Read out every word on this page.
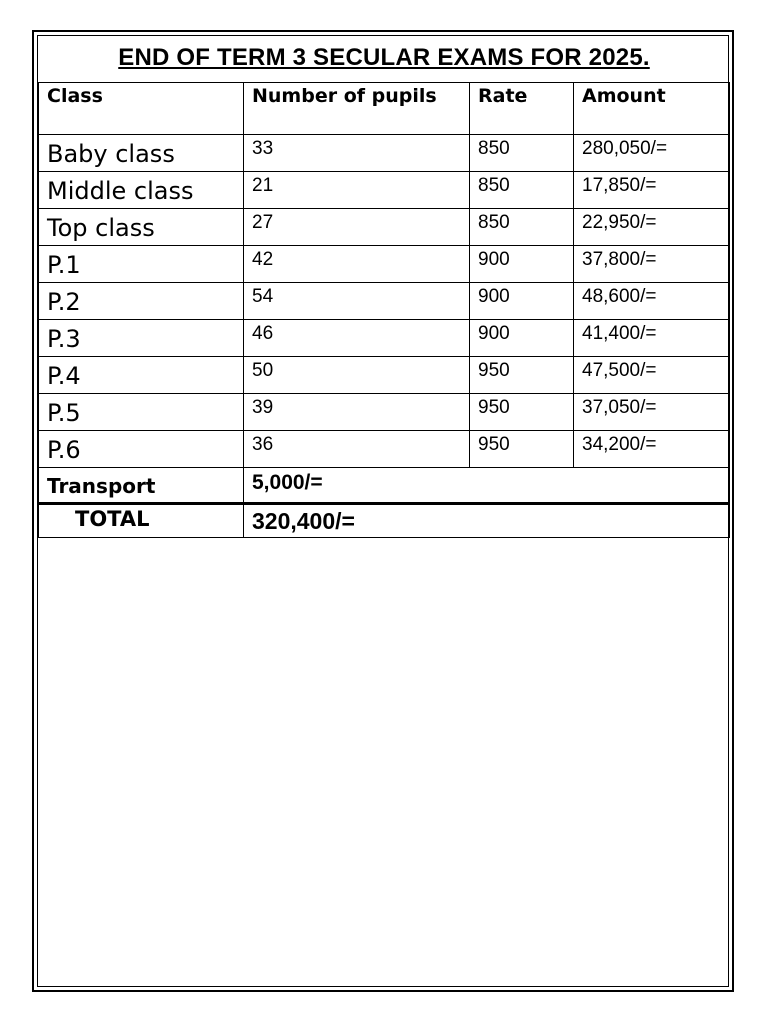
END OF TERM 3 SECULAR EXAMS FOR 2025.
Class	Number of pupils	Rate	Amount
Baby class	33	850	280,050/=
Middle class	21	850	17,850/=
Top class	27	850	22,950/=
P.1	42	900	37,800/=
P.2	54	900	48,600/=
P.3	46	900	41,400/=
P.4	50	950	47,500/=
P.5	39	950	37,050/=
P.6	36	950	34,200/=
Transport	5,000/=		
TOTAL	320,400/=		
